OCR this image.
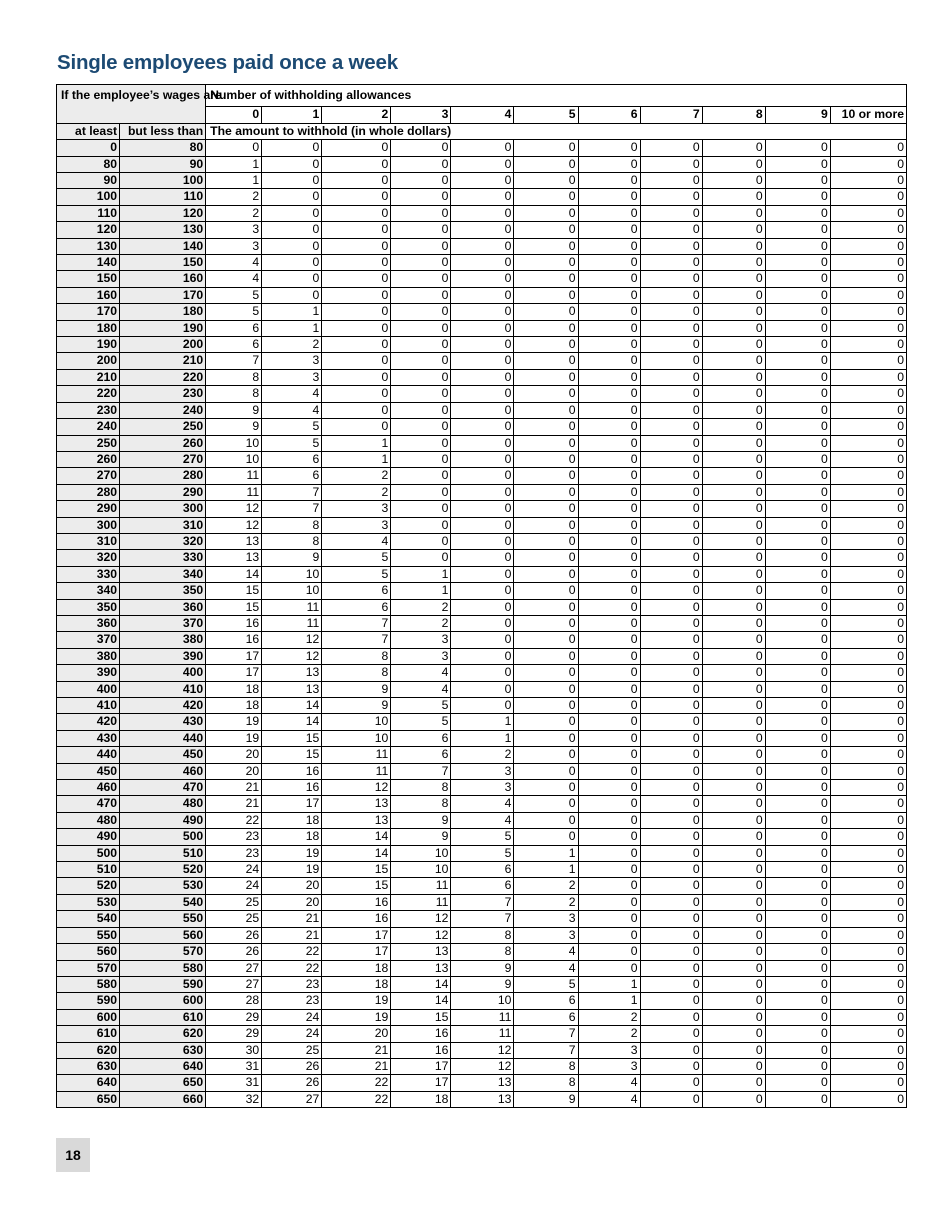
Single employees paid once a week
If the employee’s wages are		Number of withholding allowances										
		0	1	2	3	4	5	6	7	8	9	10 or more
at least	but less than	The amount to withhold (in whole dollars)										
0	80	0	0	0	0	0	0	0	0	0	0	0
80	90	1	0	0	0	0	0	0	0	0	0	0
90	100	1	0	0	0	0	0	0	0	0	0	0
100	110	2	0	0	0	0	0	0	0	0	0	0
110	120	2	0	0	0	0	0	0	0	0	0	0
120	130	3	0	0	0	0	0	0	0	0	0	0
130	140	3	0	0	0	0	0	0	0	0	0	0
140	150	4	0	0	0	0	0	0	0	0	0	0
150	160	4	0	0	0	0	0	0	0	0	0	0
160	170	5	0	0	0	0	0	0	0	0	0	0
170	180	5	1	0	0	0	0	0	0	0	0	0
180	190	6	1	0	0	0	0	0	0	0	0	0
190	200	6	2	0	0	0	0	0	0	0	0	0
200	210	7	3	0	0	0	0	0	0	0	0	0
210	220	8	3	0	0	0	0	0	0	0	0	0
220	230	8	4	0	0	0	0	0	0	0	0	0
230	240	9	4	0	0	0	0	0	0	0	0	0
240	250	9	5	0	0	0	0	0	0	0	0	0
250	260	10	5	1	0	0	0	0	0	0	0	0
260	270	10	6	1	0	0	0	0	0	0	0	0
270	280	11	6	2	0	0	0	0	0	0	0	0
280	290	11	7	2	0	0	0	0	0	0	0	0
290	300	12	7	3	0	0	0	0	0	0	0	0
300	310	12	8	3	0	0	0	0	0	0	0	0
310	320	13	8	4	0	0	0	0	0	0	0	0
320	330	13	9	5	0	0	0	0	0	0	0	0
330	340	14	10	5	1	0	0	0	0	0	0	0
340	350	15	10	6	1	0	0	0	0	0	0	0
350	360	15	11	6	2	0	0	0	0	0	0	0
360	370	16	11	7	2	0	0	0	0	0	0	0
370	380	16	12	7	3	0	0	0	0	0	0	0
380	390	17	12	8	3	0	0	0	0	0	0	0
390	400	17	13	8	4	0	0	0	0	0	0	0
400	410	18	13	9	4	0	0	0	0	0	0	0
410	420	18	14	9	5	0	0	0	0	0	0	0
420	430	19	14	10	5	1	0	0	0	0	0	0
430	440	19	15	10	6	1	0	0	0	0	0	0
440	450	20	15	11	6	2	0	0	0	0	0	0
450	460	20	16	11	7	3	0	0	0	0	0	0
460	470	21	16	12	8	3	0	0	0	0	0	0
470	480	21	17	13	8	4	0	0	0	0	0	0
480	490	22	18	13	9	4	0	0	0	0	0	0
490	500	23	18	14	9	5	0	0	0	0	0	0
500	510	23	19	14	10	5	1	0	0	0	0	0
510	520	24	19	15	10	6	1	0	0	0	0	0
520	530	24	20	15	11	6	2	0	0	0	0	0
530	540	25	20	16	11	7	2	0	0	0	0	0
540	550	25	21	16	12	7	3	0	0	0	0	0
550	560	26	21	17	12	8	3	0	0	0	0	0
560	570	26	22	17	13	8	4	0	0	0	0	0
570	580	27	22	18	13	9	4	0	0	0	0	0
580	590	27	23	18	14	9	5	1	0	0	0	0
590	600	28	23	19	14	10	6	1	0	0	0	0
600	610	29	24	19	15	11	6	2	0	0	0	0
610	620	29	24	20	16	11	7	2	0	0	0	0
620	630	30	25	21	16	12	7	3	0	0	0	0
630	640	31	26	21	17	12	8	3	0	0	0	0
640	650	31	26	22	17	13	8	4	0	0	0	0
650	660	32	27	22	18	13	9	4	0	0	0	0
18
